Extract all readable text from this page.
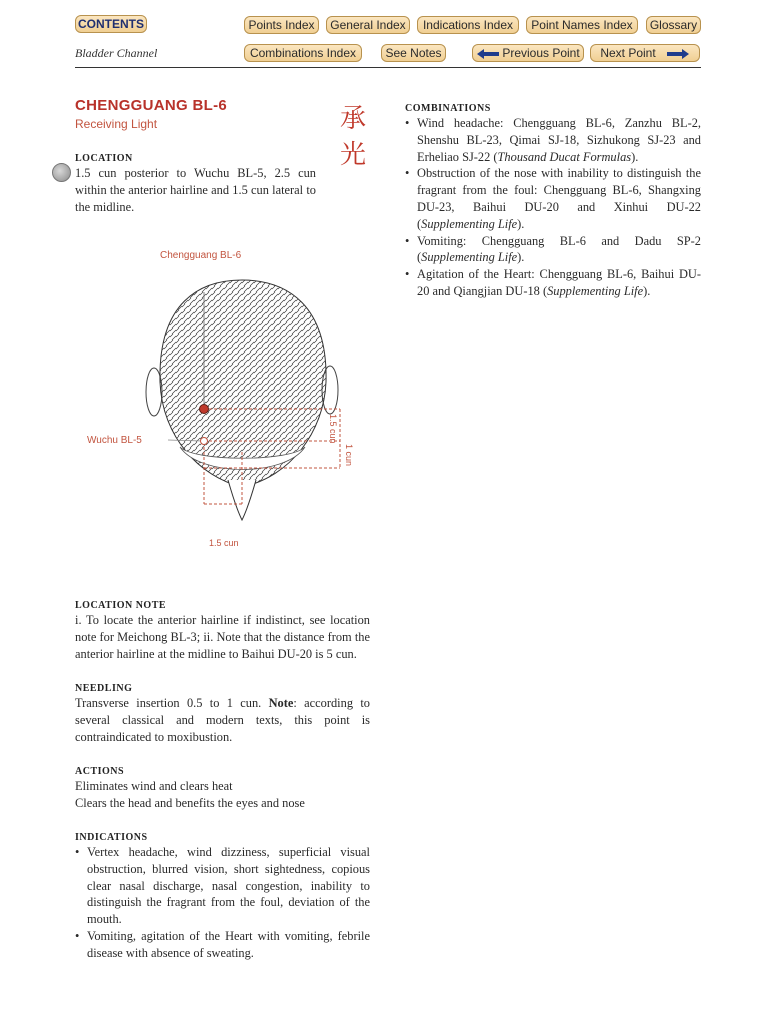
CONTENTS	Points Index	General Index	Indications Index	Point Names Index	Glossary
Bladder Channel	Combinations Index	See Notes	Previous Point	Next Point
CHENGGUANG BL-6
Receiving Light	承
光
LOCATION
1.5 cun posterior to Wuchu BL-5, 2.5 cun within the anterior hairline and 1.5 cun lateral to the midline.
Chengguang BL-6
Wuchu BL-5
1.5 cun
1.5 cun
1 cun
LOCATION NOTE
i. To locate the anterior hairline if indistinct, see location note for Meichong BL-3; ii. Note that the distance from the anterior hairline at the midline to Baihui DU-20 is 5 cun.
NEEDLING
Transverse insertion 0.5 to 1 cun. Note: according to several classical and modern texts, this point is contraindicated to moxibustion.
ACTIONS

Eliminates wind and clears heat

Clears the head and benefits the eyes and nose

INDICATIONS
• Vertex headache, wind dizziness, superficial visual obstruction, blurred vision, short sightedness, copious clear nasal discharge, nasal congestion, inability to distinguish the fragrant from the foul, deviation of the mouth.
• Vomiting, agitation of the Heart with vomiting, febrile disease with absence of sweating.
COMBINATIONS
• Wind headache: Chengguang BL-6, Zanzhu BL-2, Shenshu BL-23, Qimai SJ-18, Sizhukong SJ-23 and Erheliao SJ-22 (Thousand Ducat Formulas).
• Obstruction of the nose with inability to distinguish the fragrant from the foul: Chengguang BL-6, Shangxing DU-23, Baihui DU-20 and Xinhui DU-22 (Supplementing Life).
• Vomiting: Chengguang BL-6 and Dadu SP-2 (Supplementing Life).
• Agitation of the Heart: Chengguang BL-6, Baihui DU-20 and Qiangjian DU-18 (Supplementing Life).
